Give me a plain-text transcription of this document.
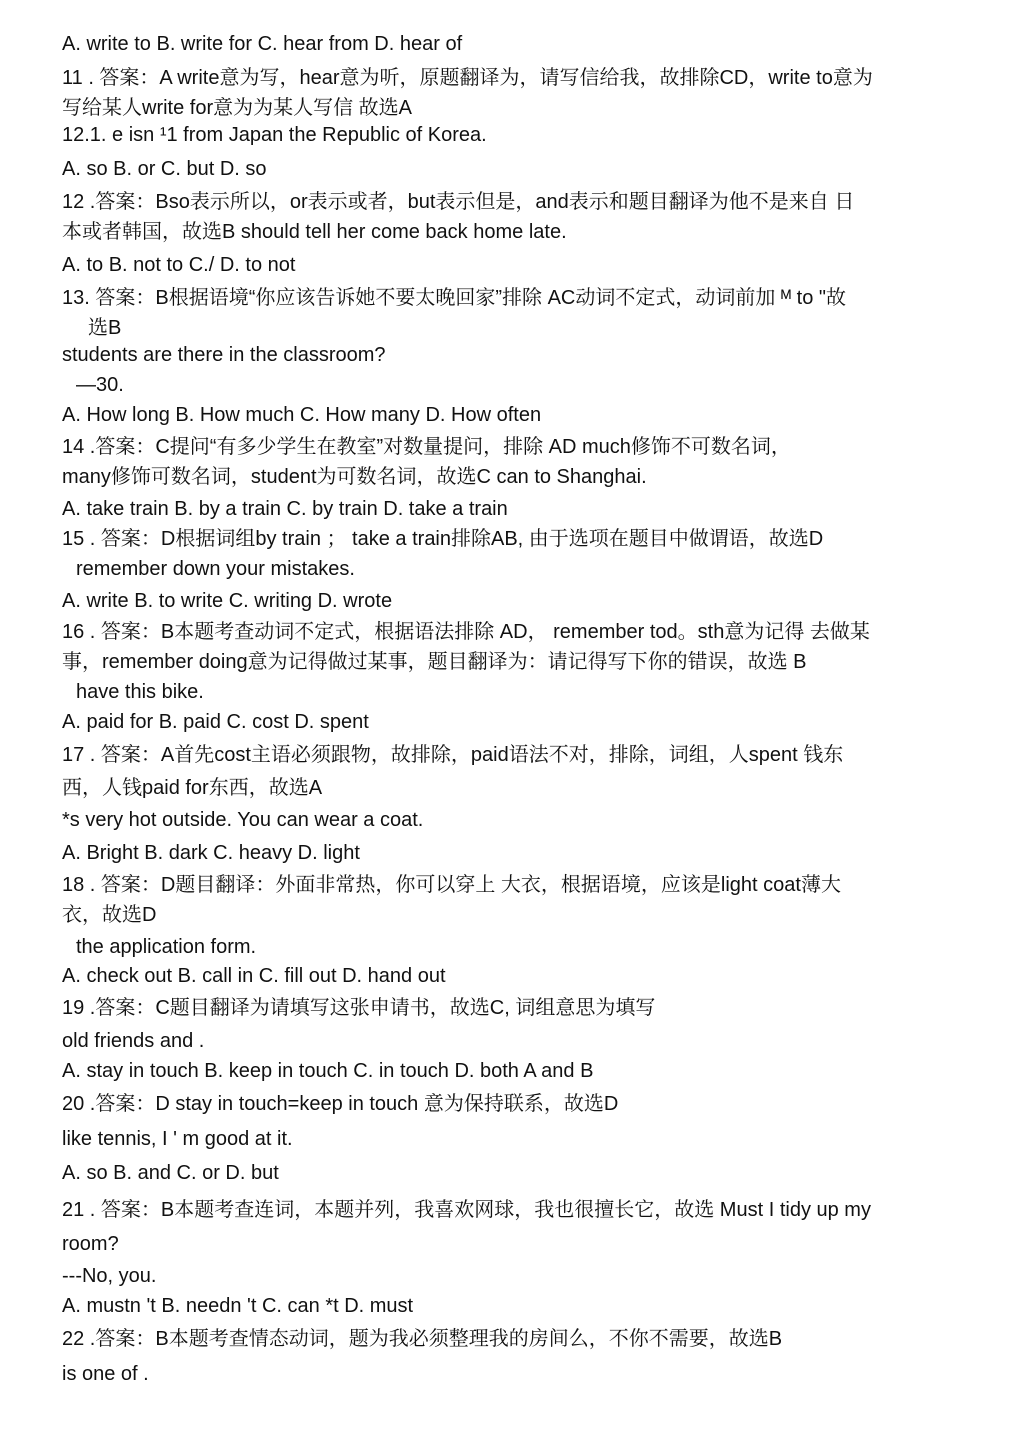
A. write to B. write for C. hear from D. hear of
11 . 答案：A write意为写，hear意为听，原题翻译为，请写信给我，故排除CD，write to意为
写给某人write for意为为某人写信 故选A
12.1. e isn ¹1 from Japan the Republic of Korea.
A. so B. or C. but D. so
12 .答案：Bso表示所以，or表示或者，but表示但是，and表示和题目翻译为他不是来自 日
本或者韩国，故选B should tell her come back home late.
A. to B. not to C./ D. to not
13. 答案：B根据语境“你应该告诉她不要太晚回家”排除 AC动词不定式，动词前加 ᴹ to "故
选B
students are there in the classroom?
—30.
A. How long B. How much C. How many D. How often
14 .答案：C提问“有多少学生在教室”对数量提问，排除 AD much修饰不可数名词，
many修饰可数名词，student为可数名词，故选C can to Shanghai.
A. take train B. by a train C. by train D. take a train
15 . 答案：D根据词组by train ； take a train排除AB, 由于选项在题目中做谓语，故选D
remember down your mistakes.
A. write B. to write C. writing D. wrote
16 . 答案：B本题考查动词不定式，根据语法排除 AD， remember tod。sth意为记得 去做某
事，remember doing意为记得做过某事，题目翻译为：请记得写下你的错误，故选 B
have this bike.
A. paid for B. paid C. cost D. spent
17 . 答案：A首先cost主语必须跟物，故排除，paid语法不对，排除，词组，人spent 钱东
西，人钱paid for东西，故选A
*s very hot outside. You can wear a coat.
A. Bright B. dark C. heavy D. light
18 . 答案：D题目翻译：外面非常热，你可以穿上 大衣，根据语境，应该是light coat薄大
衣，故选D
the application form.
A. check out B. call in C. fill out D. hand out
19 .答案：C题目翻译为请填写这张申请书，故选C, 词组意思为填写
old friends and .
A. stay in touch B. keep in touch C. in touch D. both A and B
20 .答案：D stay in touch=keep in touch 意为保持联系，故选D
like tennis, I ' m good at it.
A. so B. and C. or D. but
21 . 答案：B本题考查连词，本题并列，我喜欢网球，我也很擅长它，故选 Must I tidy up my
room?
---No, you.
A. mustn 't B. needn 't C. can *t D. must
22 .答案：B本题考查情态动词，题为我必须整理我的房间么，不你不需要，故选B
is one of .
